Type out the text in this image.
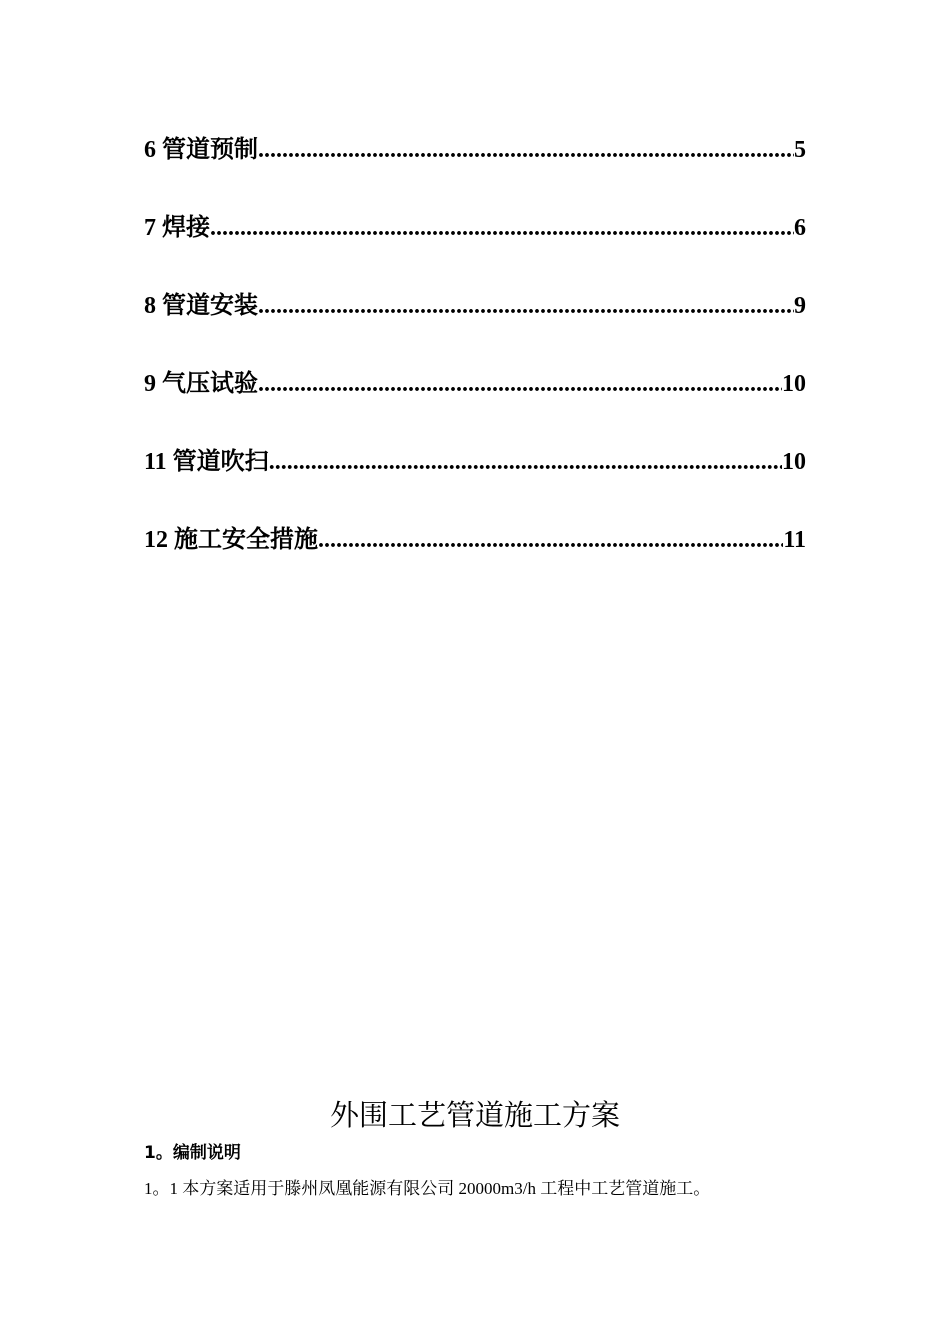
6 管道预制 .....	5
7 焊接 .....	6
8 管道安装 .....	9
9 气压试验 .....	10
11 管道吹扫 .....	10
12 施工安全措施 .....	11
外围工艺管道施工方案
1。编制说明

1。1 本方案适用于滕州凤凰能源有限公司 20000m3/h 工程中工艺管道施工。
